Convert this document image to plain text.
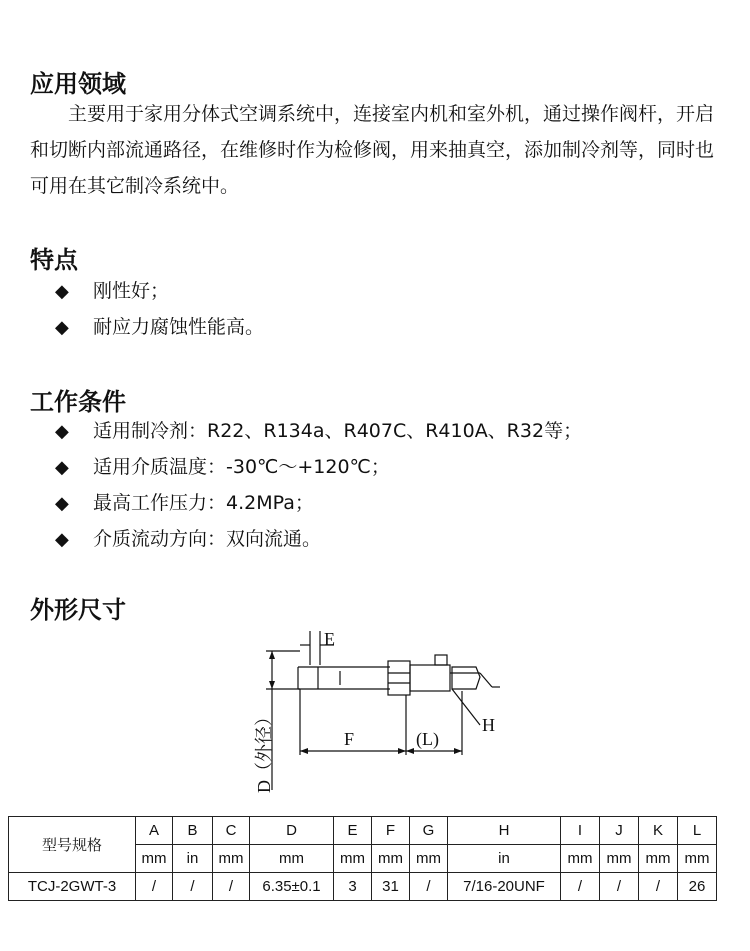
应用领域

主要用于家用分体式空调系统中，连接室内机和室外机，通过操作阀杆，开启和切断内部流通路径，在维修时作为检修阀，用来抽真空，添加制冷剂等，同时也可用在其它制冷系统中。

特点
◆ 刚性好；
◆ 耐应力腐蚀性能高。
工作条件
◆ 适用制冷剂：R22、R134a、R407C、R410A、R32等；
◆ 适用介质温度：-30℃～+120℃；
◆ 最高工作压力：4.2MPa；
◆ 介质流动方向：双向流通。
外形尺寸
E
F	(L)
H
D（外径）
型号规格	A	B	C	D	E	F	G	H	I	J	K	L
	mm	in	mm	mm	mm	mm	mm	in	mm	mm	mm	mm
TCJ-2GWT-3	/	/	/	6.35±0.1	3	31	/	7/16-20UNF	/	/	/	26
